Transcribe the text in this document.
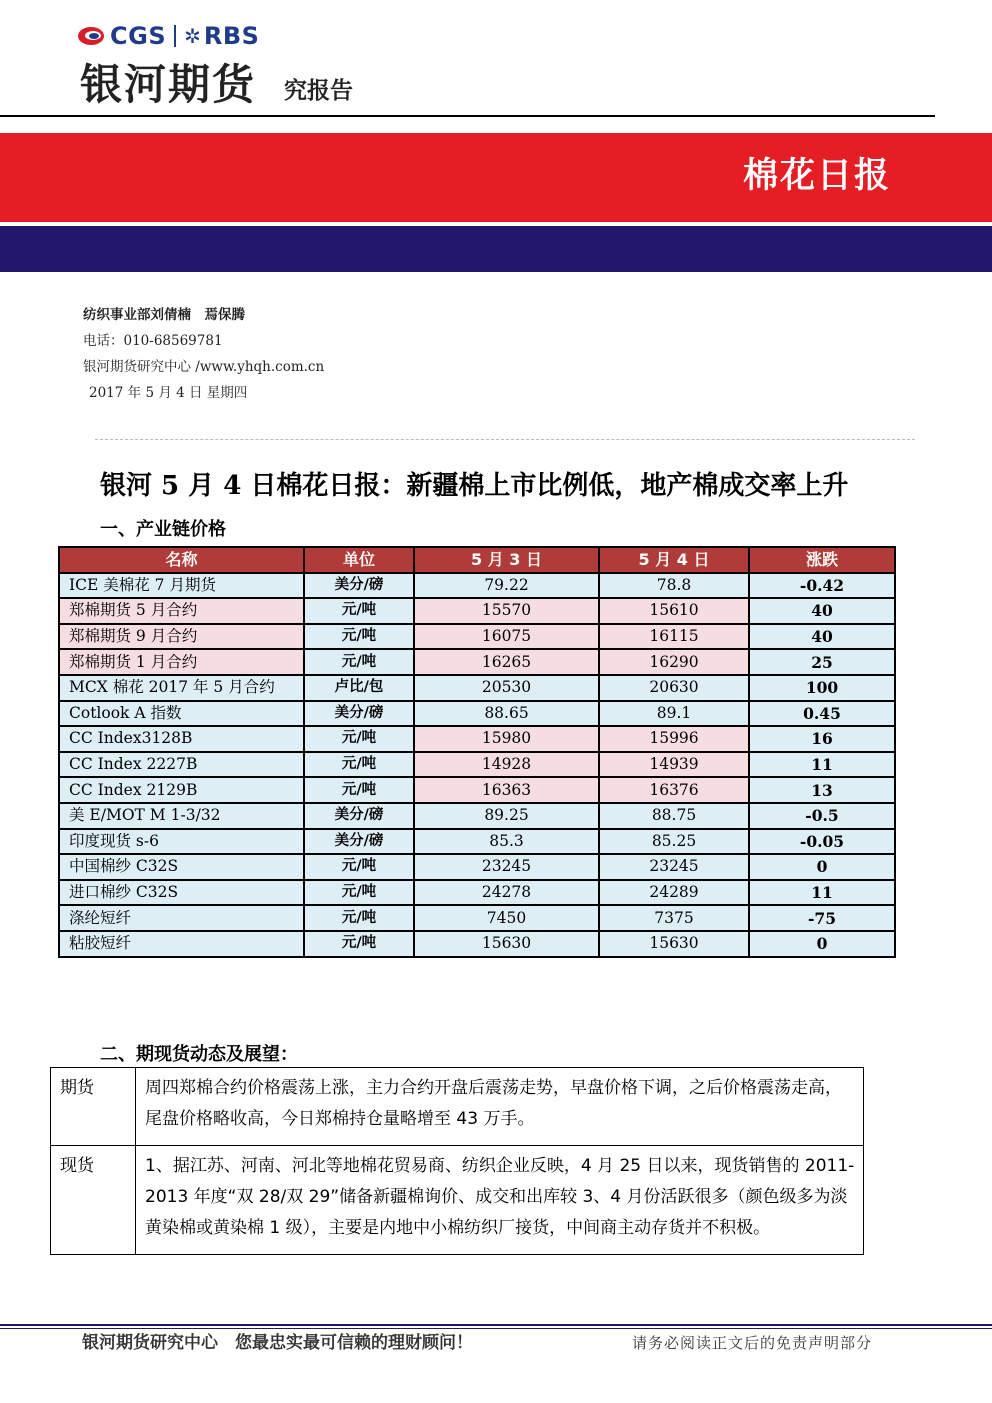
CGS ✲ RBS
银河期货 究报告
棉花日报
纺织事业部刘倩楠　焉保腾
电话：010-68569781
银河期货研究中心 /www.yhqh.com.cn
2017 年 5 月 4 日 星期四
银河 5 月 4 日棉花日报：新疆棉上市比例低，地产棉成交率上升
一、产业链价格
名称	单位	5 月 3 日	5 月 4 日	涨跌
ICE 美棉花 7 月期货	美分/磅	79.22	78.8	-0.42
郑棉期货 5 月合约	元/吨	15570	15610	40
郑棉期货 9 月合约	元/吨	16075	16115	40
郑棉期货 1 月合约	元/吨	16265	16290	25
MCX 棉花 2017 年 5 月合约	卢比/包	20530	20630	100
Cotlook A 指数	美分/磅	88.65	89.1	0.45
CC Index3128B	元/吨	15980	15996	16
CC Index 2227B	元/吨	14928	14939	11
CC Index 2129B	元/吨	16363	16376	13
美 E/MOT M 1-3/32	美分/磅	89.25	88.75	-0.5
印度现货 s-6	美分/磅	85.3	85.25	-0.05
中国棉纱 C32S	元/吨	23245	23245	0
进口棉纱 C32S	元/吨	24278	24289	11
涤纶短纤	元/吨	7450	7375	-75
粘胶短纤	元/吨	15630	15630	0
二、期现货动态及展望：
期货	周四郑棉合约价格震荡上涨，主力合约开盘后震荡走势，早盘价格下调，之后价格震荡走高，尾盘价格略收高，今日郑棉持仓量略增至 43 万手。
现货	1、据江苏、河南、河北等地棉花贸易商、纺织企业反映，4 月 25 日以来，现货销售的 2011-2013 年度“双 28/双 29”储备新疆棉询价、成交和出库较 3、4 月份活跃很多（颜色级多为淡黄染棉或黄染棉 1 级），主要是内地中小棉纺织厂接货，中间商主动存货并不积极。
银河期货研究中心　您最忠实最可信赖的理财顾问！	请务必阅读正文后的免责声明部分
